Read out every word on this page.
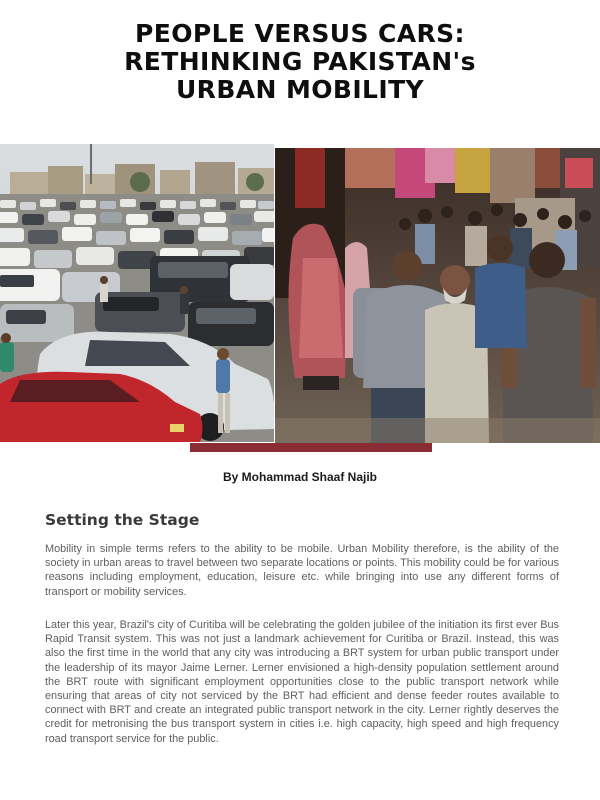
PEOPLE VERSUS CARS:
RETHINKING PAKISTAN's
URBAN MOBILITY
By Mohammad Shaaf Najib
Setting the Stage

Mobility in simple terms refers to the ability to be mobile. Urban Mobility therefore, is the ability of the society in urban areas to travel between two separate locations or points. This mobility could be for various reasons including employment, education, leisure etc. while bringing into use any different forms of transport or mobility services.

Later this year, Brazil's city of Curitiba will be celebrating the golden jubilee of the initiation its first ever Bus Rapid Transit system. This was not just a landmark achievement for Curitiba or Brazil. Instead, this was also the first time in the world that any city was introducing a BRT system for urban public transport under the leadership of its mayor Jaime Lerner. Lerner envisioned a high-density population settlement around the BRT route with significant employment opportunities close to the public transport network while ensuring that areas of city not serviced by the BRT had efficient and dense feeder routes available to connect with BRT and create an integrated public transport network in the city. Lerner rightly deserves the credit for metronising the bus transport system in cities i.e. high capacity, high speed and high frequency road transport service for the public.
